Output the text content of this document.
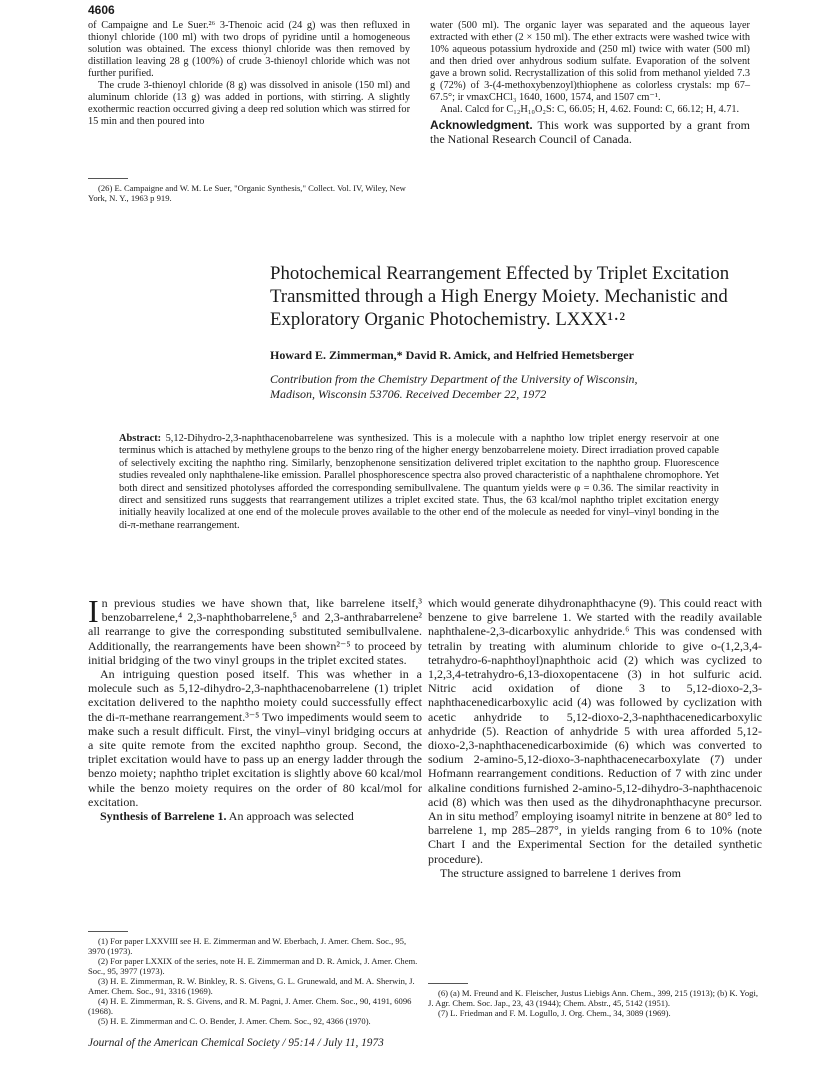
4606

of Campaigne and Le Suer.²⁶ 3-Thenoic acid (24 g) was then refluxed in thionyl chloride (100 ml) with two drops of pyridine until a homogeneous solution was obtained. The excess thionyl chloride was then removed by distillation leaving 28 g (100%) of crude 3-thienoyl chloride which was not further purified.

The crude 3-thienoyl chloride (8 g) was dissolved in anisole (150 ml) and aluminum chloride (13 g) was added in portions, with stirring. A slightly exothermic reaction occurred giving a deep red solution which was stirred for 15 min and then poured into

(26) E. Campaigne and W. M. Le Suer, "Organic Synthesis," Collect. Vol. IV, Wiley, New York, N. Y., 1963 p 919.

water (500 ml). The organic layer was separated and the aqueous layer extracted with ether (2 × 150 ml). The ether extracts were washed twice with 10% aqueous potassium hydroxide and (250 ml) twice with water (500 ml) and then dried over anhydrous sodium sulfate. Evaporation of the solvent gave a brown solid. Recrystallization of this solid from methanol yielded 7.3 g (72%) of 3-(4-methoxybenzoyl)thiophene as colorless crystals: mp 67–67.5°; ir νmaxCHCl₃ 1640, 1600, 1574, and 1507 cm⁻¹.

Anal. Calcd for C₁₂H₁₀O₂S: C, 66.05; H, 4.62. Found: C, 66.12; H, 4.71.

Acknowledgment. This work was supported by a grant from the National Research Council of Canada.

Photochemical Rearrangement Effected by Triplet Excitation Transmitted through a High Energy Moiety. Mechanistic and Exploratory Organic Photochemistry. LXXX¹·²
Howard E. Zimmerman,* David R. Amick, and Helfried Hemetsberger
Contribution from the Chemistry Department of the University of Wisconsin,
Madison, Wisconsin 53706. Received December 22, 1972
Abstract: 5,12-Dihydro-2,3-naphthacenobarrelene was synthesized. This is a molecule with a naphtho low triplet energy reservoir at one terminus which is attached by methylene groups to the benzo ring of the higher energy benzobarrelene moiety. Direct irradiation proved capable of selectively exciting the naphtho ring. Similarly, benzophenone sensitization delivered triplet excitation to the naphtho group. Fluorescence studies revealed only naphthalene-like emission. Parallel phosphorescence spectra also proved characteristic of a naphthalene chromophore. Yet both direct and sensitized photolyses afforded the corresponding semibullvalene. The quantum yields were φ = 0.36. The similar reactivity in direct and sensitized runs suggests that rearrangement utilizes a triplet excited state. Thus, the 63 kcal/mol naphtho triplet excitation energy initially heavily localized at one end of the molecule proves available to the other end of the molecule as needed for vinyl–vinyl bonding in the di-π-methane rearrangement.

In previous studies we have shown that, like barrelene itself,³ benzobarrelene,⁴ 2,3-naphthobarrelene,⁵ and 2,3-anthrabarrelene² all rearrange to give the corresponding substituted semibullvalene. Additionally, the rearrangements have been shown²⁻⁵ to proceed by initial bridging of the two vinyl groups in the triplet excited states.

An intriguing question posed itself. This was whether in a molecule such as 5,12-dihydro-2,3-naphthacenobarrelene (1) triplet excitation delivered to the naphtho moiety could successfully effect the di-π-methane rearrangement.³⁻⁵ Two impediments would seem to make such a result difficult. First, the vinyl–vinyl bridging occurs at a site quite remote from the excited naphtho group. Second, the triplet excitation would have to pass up an energy ladder through the benzo moiety; naphtho triplet excitation is slightly above 60 kcal/mol while the benzo moiety requires on the order of 80 kcal/mol for excitation.

Synthesis of Barrelene 1. An approach was selected

(1) For paper LXXVIII see H. E. Zimmerman and W. Eberbach, J. Amer. Chem. Soc., 95, 3970 (1973).

(2) For paper LXXIX of the series, note H. E. Zimmerman and D. R. Amick, J. Amer. Chem. Soc., 95, 3977 (1973).

(3) H. E. Zimmerman, R. W. Binkley, R. S. Givens, G. L. Grunewald, and M. A. Sherwin, J. Amer. Chem. Soc., 91, 3316 (1969).

(4) H. E. Zimmerman, R. S. Givens, and R. M. Pagni, J. Amer. Chem. Soc., 90, 4191, 6096 (1968).

(5) H. E. Zimmerman and C. O. Bender, J. Amer. Chem. Soc., 92, 4366 (1970).

which would generate dihydronaphthacyne (9). This could react with benzene to give barrelene 1. We started with the readily available naphthalene-2,3-dicarboxylic anhydride.⁶ This was condensed with tetralin by treating with aluminum chloride to give o-(1,2,3,4-tetrahydro-6-naphthoyl)naphthoic acid (2) which was cyclized to 1,2,3,4-tetrahydro-6,13-dioxopentacene (3) in hot sulfuric acid. Nitric acid oxidation of dione 3 to 5,12-dioxo-2,3-naphthacenedicarboxylic acid (4) was followed by cyclization with acetic anhydride to 5,12-dioxo-2,3-naphthacenedicarboxylic anhydride (5). Reaction of anhydride 5 with urea afforded 5,12-dioxo-2,3-naphthacenedicarboximide (6) which was converted to sodium 2-amino-5,12-dioxo-3-naphthacenecarboxylate (7) under Hofmann rearrangement conditions. Reduction of 7 with zinc under alkaline conditions furnished 2-amino-5,12-dihydro-3-naphthacenoic acid (8) which was then used as the dihydronaphthacyne precursor. An in situ method⁷ employing isoamyl nitrite in benzene at 80° led to barrelene 1, mp 285–287°, in yields ranging from 6 to 10% (note Chart I and the Experimental Section for the detailed synthetic procedure).

The structure assigned to barrelene 1 derives from

(6) (a) M. Freund and K. Fleischer, Justus Liebigs Ann. Chem., 399, 215 (1913); (b) K. Yogi, J. Agr. Chem. Soc. Jap., 23, 43 (1944); Chem. Abstr., 45, 5142 (1951).

(7) L. Friedman and F. M. Logullo, J. Org. Chem., 34, 3089 (1969).

Journal of the American Chemical Society / 95:14 / July 11, 1973
